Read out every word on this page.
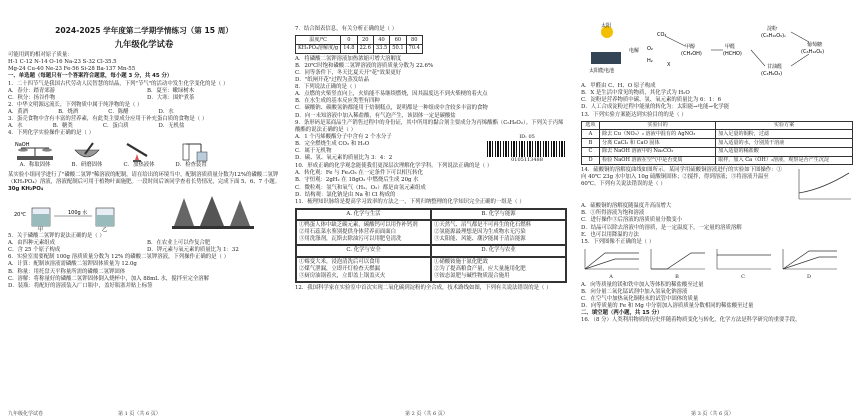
2024-2025 学年度第二学期学情练习（第 15 周）
九年级化学试卷

可能用到的相对原子质量：

H-1 C-12 N-14 O-16 Na-23 S-32 Cl-35.5

Mg-24 Cu-40 Ne-23 Fe-56 Si-28 Ba-137 Mn-55

一、单选题（每题只有一个答案符合题意，每小题 3 分，共 45 分）

1．二十四节气是我国古代劳动人民智慧的结晶，下列"节气"的活动中发生化学变化的是（ ）

A．春分：踏青郊游	B．夏至：嫩绿树木
C．秋分：扬谷作物	D．大寒：围炉煮茶

2．中华文明源远流长，下列物质中属于纯净物的是（ ）

A．黄酒	B．烧酒	C．陈醋	D．水

3．蛋壳食物中含有丰富的营养素，有此类主要成分应用于补充蛋白质的食物是（ ）

A．水	B．糖类	C．蛋白质	D．无机盐

4．下列化学实验操作正确的是（ ）

NaOH
A．称取固体	B．研磨固体	C．加热液体	D．检查装置

某实验小组同学进行了"磷酸二氢钾"稀溶液的配制，请在给出的环境当中，配制溶质质量分数为12%的磷酸二氢钾（KH₂PO₄）溶液，溶液配制后可用于植物叶面施肥。一段时间后该同学查看长势情况，完成下面 5、6、7 小题。

30g KH₂PO₄

20℃	100g 水
甲	乙

5．关于磷酸二氢钾的说法正确的是（ ）

A．由四种元素组成	B．在农业上可以作复合肥
C．含 25 个原子构成	D．钾元素与氧元素的质量比为 1：32

6．实验室需要配制 100g 溶质质量分数为 12% 的磷酸二氢钾溶液，下列操作正确的是（ ）

A．计算：配制该溶液需磷酸二氢钾固体质量为 12.0g

B．称量：用托盘天平称量所需的磷酸二氢钾固体

C．溶解：将称量好的磷酸二氢钾固体倒入烧杯中，加入 88mL 水，搅拌至完全溶解

D．装瓶：将配好的溶液装入广口瓶中，盖好瓶塞并贴上标签

九年级化学试卷	第 1 页（共 6 页）

7．结合图表信息，有关分析正确的是（ ）

温度/℃	0	20	40	60	80
KH₂PO₄溶解度/g	14.8	22.6	33.5	50.1	70.4

A．将磷酸二氢钾溶液加热浓缩可增大溶解度

B．20℃时饱和磷酸二氢钾溶液的溶质质量分数为 22.6%

C．同等条件下，冬天比夏天开"花"效果更好

D．"纸闸开花"过程为蒸发结晶

8．下列说法正确的是（ ）

A．点燃的火柴竖直向上，火焰能不易继续燃烧，因其温度达不到火柴梗的着火点

B．在水生成的基本反应类型有四种

C．碳酸钠、碳酸氢钠都能用于焙制糕点，说明都是一种组成中含较多丰富的食物

D．向一未知溶液中加入稀盐酸，有气泡产生，该固体一定是碳酸盐

9．条形码是某商品生产销售过程中的身份证，其中所用的黏合剂主要成分为丙烯酸酯（C₅H₈O₂）。下列关于丙烯酸酯的说法正确的是（ ）

A．1 个丙烯酸酯分子中含有 2 个水分子

B．完全燃烧生成 CO₂ 和 H₂O

C．属于无机物

D．碳、氢、氧元素的质量比为 3：4：2

ID: 05
0105113488

10．形成正确的化学观念能使我们更深层次理解化学学科。下列说法正确的是（ ）

A．转化观：Fe 与 Fe₂O₃ 在一定条件下可以相互转化

B．守恒观：2gH₂ 在 18gO₂ 中燃烧后生成 20g 水

C．微粒观：氢气和氧气（H₂、O₂）都是由氢元素组成

D．结构观：氯化钠是由 Na 和 Cl 构成的

11．梳理知识脉络是提高学习效率的方法之一，下列归纳整理的化学知识完全正确的一组是（ ）

A. 化学与生活	B. 化学与能源
①鸭蛋人体中缺乏碳元素，碳酸钙可以用作补钙剂
②用石蕊菜水鉴别提供身体营养而面面白
③用洗涤剂，瓦斯去除油污可以用肥皂清洗
①天然气、沼气都是不可再生的化石燃料
②氢能源最理想是因为生成物水无污染
③太阳能、风能、潮汐能属于清洁能源
C. 化学与安全	D. 化学与农业
①霉变大米，浸泡清洗后可以食用
②煤气泄漏，立即开灯检查天燃漏
③厨房油锅着火，立即盖上锅盖灭火
①硝酸铵施于氨化肥效
②为了提高粮食产量，应大量施用化肥
③铵态氮肥与碱性物质混合施用

12．我国科学家在实验室中首次实现二氧化碳到淀粉的全合成，技术路线如图，下列有关说法错误的是（ ）

第 2 页（共 6 页）
太阳
太阳能电池
电解
CO₂
O₂
H₂
X
甲醇
(CH₃OH)
甲醛
(HCHO)
淀粉
(C₆H₁₀O₅)ₙ
葡萄糖
(C₆H₁₂O₆)
甘油醛
(C₃H₆O₃)

A．甲醛由 C、H、O 原子构成

B．X 是生活中常见的物质，其化学式为 H₂O

C．淀粉是营养物质中碳、氢、氧元素的质量比为 6：1：6

D．人工合成淀粉过程中能量的转化为：太阳能→电能→化学能

13．下列实验方案能达到实验目的的是（ ）

选项	实验目的	实验方案
A	除去 Cu（NO₃）₂ 溶液中混有的 AgNO₃	加入足量的铜粉，过滤
B	分离 CaCl₂ 和 CaO 固体	加入适量的水，分别蒸干溶液
C	除去 NaOH 溶液中的 Na₂CO₃	加入适量的稀盐酸
D	检验 NaOH 溶液在空气中是否变质	取样，加入 Ca（OH）₂溶液，观察是否产生沉淀

14．硫酸铜的溶解度曲线如图所示。某同学用硫酸铜溶液进行的实验如下图操作：①向 40℃ 23g 水中加入 10g 硫酸铜固体；②搅拌，得到溶液；③将溶液升温至 60℃。下列有关说法错误的是（ ）

A．硫酸铜的溶解度随温度升高而增大

B．①所得溶液为饱和溶液

C．进行操作③后溶液的溶质质量分数变小

D．结晶可以除去溶液中的溶质，是一定温度下，一定量的溶质溶解

E．也可以用降温的方法

15．下列图像不正确的是（ ）

A	B	C	D

A．向等质量的镁和铁中加入等体积的稀盐酸至过量

B．向分量二氧化锰试剂中加入氢氧化钠溶液

C．在空气中加热氧化铜粉末的试管中固体的质量

D．向等质量的 Fe 和 Mg 中分别加入溶质质量分数相同的稀盐酸至过量

二、填空题（两小题，共 15 分）

16．（8 分）人类利用物质的历史伴随着物质变化与转化，化学方法是科学研究的重要手段。

第 3 页（共 6 页）
